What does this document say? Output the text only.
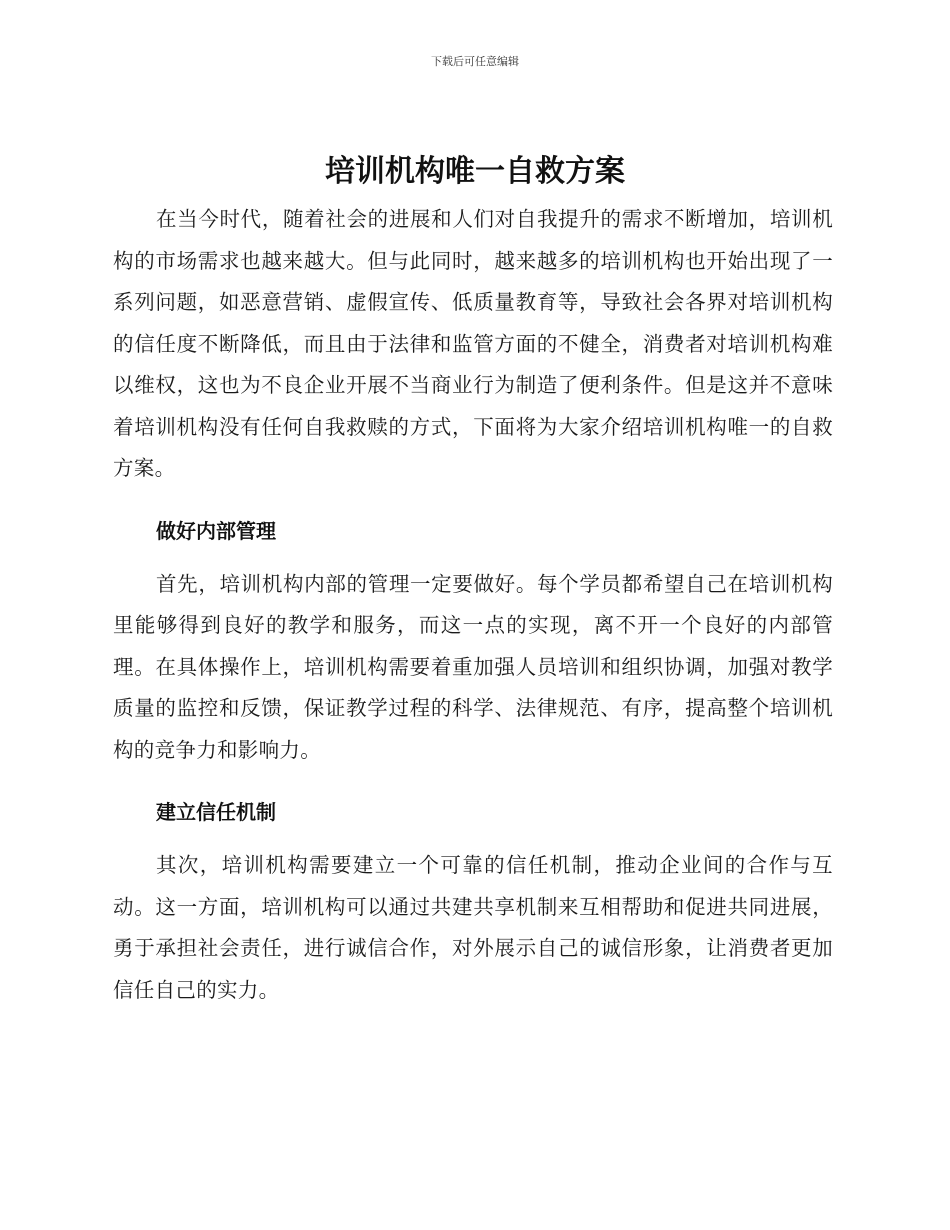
下载后可任意编辑
培训机构唯一自救方案

在当今时代，随着社会的进展和人们对自我提升的需求不断增加，培训机构的市场需求也越来越大。但与此同时，越来越多的培训机构也开始出现了一系列问题，如恶意营销、虚假宣传、低质量教育等，导致社会各界对培训机构的信任度不断降低，而且由于法律和监管方面的不健全，消费者对培训机构难以维权，这也为不良企业开展不当商业行为制造了便利条件。但是这并不意味着培训机构没有任何自我救赎的方式，下面将为大家介绍培训机构唯一的自救方案。

做好内部管理

首先，培训机构内部的管理一定要做好。每个学员都希望自己在培训机构里能够得到良好的教学和服务，而这一点的实现，离不开一个良好的内部管理。在具体操作上，培训机构需要着重加强人员培训和组织协调，加强对教学质量的监控和反馈，保证教学过程的科学、法律规范、有序，提高整个培训机构的竞争力和影响力。

建立信任机制

其次，培训机构需要建立一个可靠的信任机制，推动企业间的合作与互动。这一方面，培训机构可以通过共建共享机制来互相帮助和促进共同进展，勇于承担社会责任，进行诚信合作，对外展示自己的诚信形象，让消费者更加信任自己的实力。
